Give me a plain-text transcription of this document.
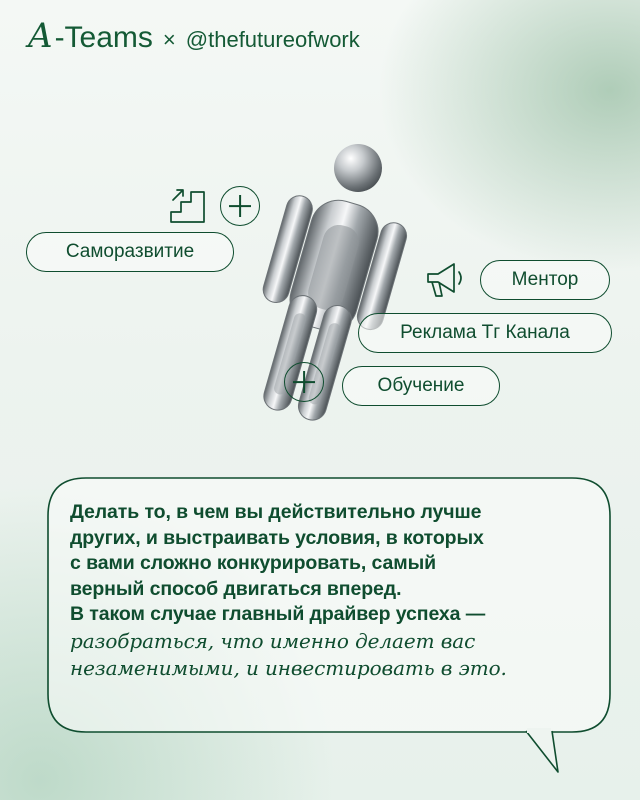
A -Teams × @thefutureofwork
Саморазвитие
Ментор
Реклама Тг Канала
Обучение
Делать то, в чем вы действительно лучше
других, и выстраивать условия, в которых
с вами сложно конкурировать, самый
верный способ двигаться вперед.
В таком случае главный драйвер успеха —
разобраться, что именно делает вас
незаменимыми, и инвестировать в это.
